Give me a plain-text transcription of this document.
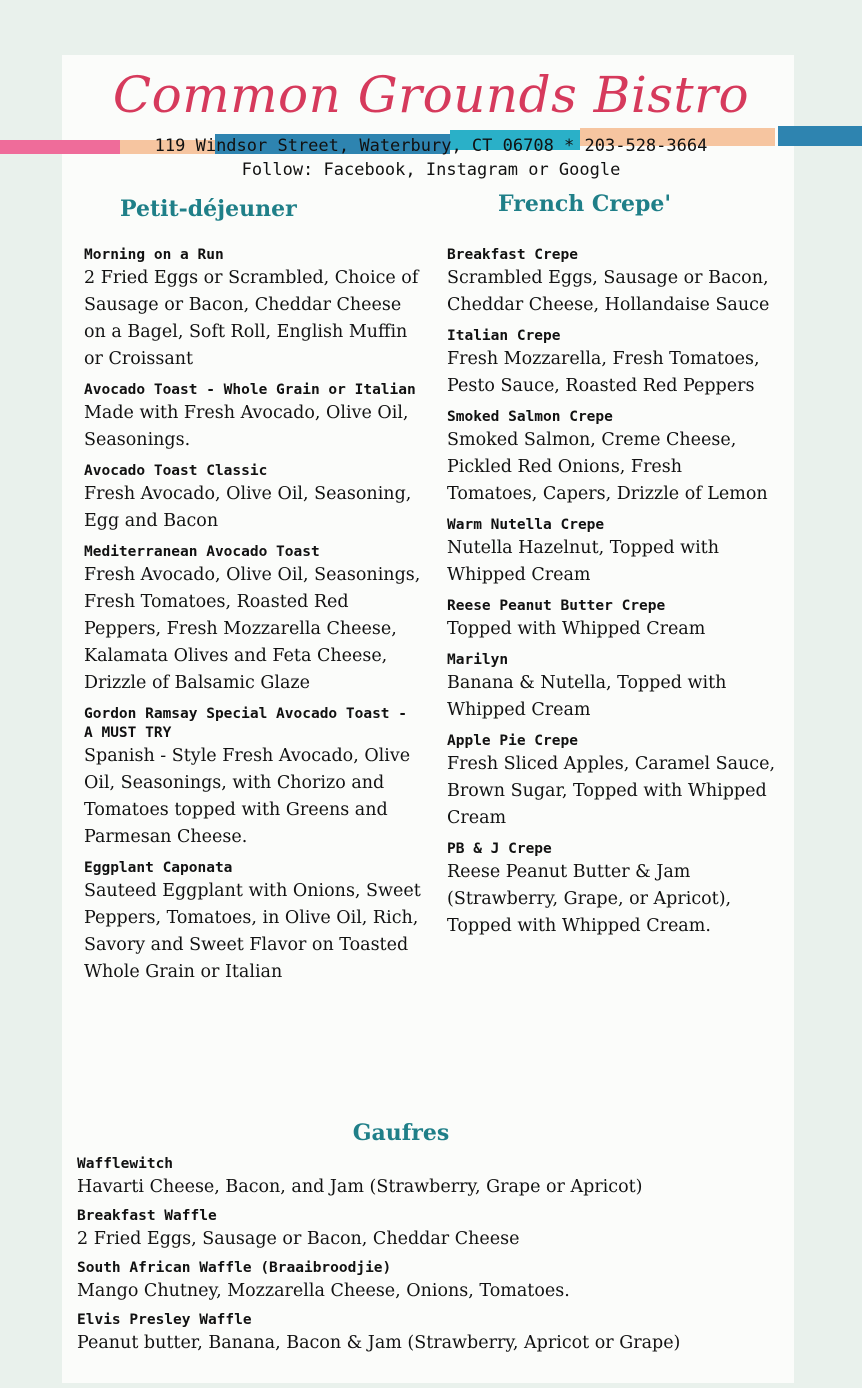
Common Grounds Bistro
119 Windsor Street, Waterbury, CT 06708 * 203-528-3664
Follow: Facebook, Instagram or Google
Petit-déjeuner	French Crepe'
Morning on a Run
2 Fried Eggs or Scrambled, Choice of Sausage or Bacon, Cheddar Cheese on a Bagel, Soft Roll, English Muffin or Croissant
Avocado Toast - Whole Grain or Italian
Made with Fresh Avocado, Olive Oil, Seasonings.
Avocado Toast Classic
Fresh Avocado, Olive Oil, Seasoning, Egg and Bacon
Mediterranean Avocado Toast
Fresh Avocado, Olive Oil, Seasonings, Fresh Tomatoes, Roasted Red Peppers, Fresh Mozzarella Cheese, Kalamata Olives and Feta Cheese, Drizzle of Balsamic Glaze
Gordon Ramsay Special Avocado Toast - A MUST TRY
Spanish - Style Fresh Avocado, Olive Oil, Seasonings, with Chorizo and Tomatoes topped with Greens and Parmesan Cheese.
Eggplant Caponata
Sauteed Eggplant with Onions, Sweet Peppers, Tomatoes, in Olive Oil, Rich, Savory and Sweet Flavor on Toasted Whole Grain or Italian
Breakfast Crepe
Scrambled Eggs, Sausage or Bacon, Cheddar Cheese, Hollandaise Sauce
Italian Crepe
Fresh Mozzarella, Fresh Tomatoes, Pesto Sauce, Roasted Red Peppers
Smoked Salmon Crepe
Smoked Salmon, Creme Cheese, Pickled Red Onions, Fresh Tomatoes, Capers, Drizzle of Lemon
Warm Nutella Crepe
Nutella Hazelnut, Topped with Whipped Cream
Reese Peanut Butter Crepe
Topped with Whipped Cream
Marilyn
Banana & Nutella, Topped with Whipped Cream
Apple Pie Crepe
Fresh Sliced Apples, Caramel Sauce, Brown Sugar, Topped with Whipped Cream
PB & J Crepe
Reese Peanut Butter & Jam (Strawberry, Grape, or Apricot), Topped with Whipped Cream.
Gaufres
Wafflewitch
Havarti Cheese, Bacon, and Jam (Strawberry, Grape or Apricot)
Breakfast Waffle
2 Fried Eggs, Sausage or Bacon, Cheddar Cheese
South African Waffle (Braaibroodjie)
Mango Chutney, Mozzarella Cheese, Onions, Tomatoes.
Elvis Presley Waffle
Peanut butter, Banana, Bacon & Jam (Strawberry, Apricot or Grape)
